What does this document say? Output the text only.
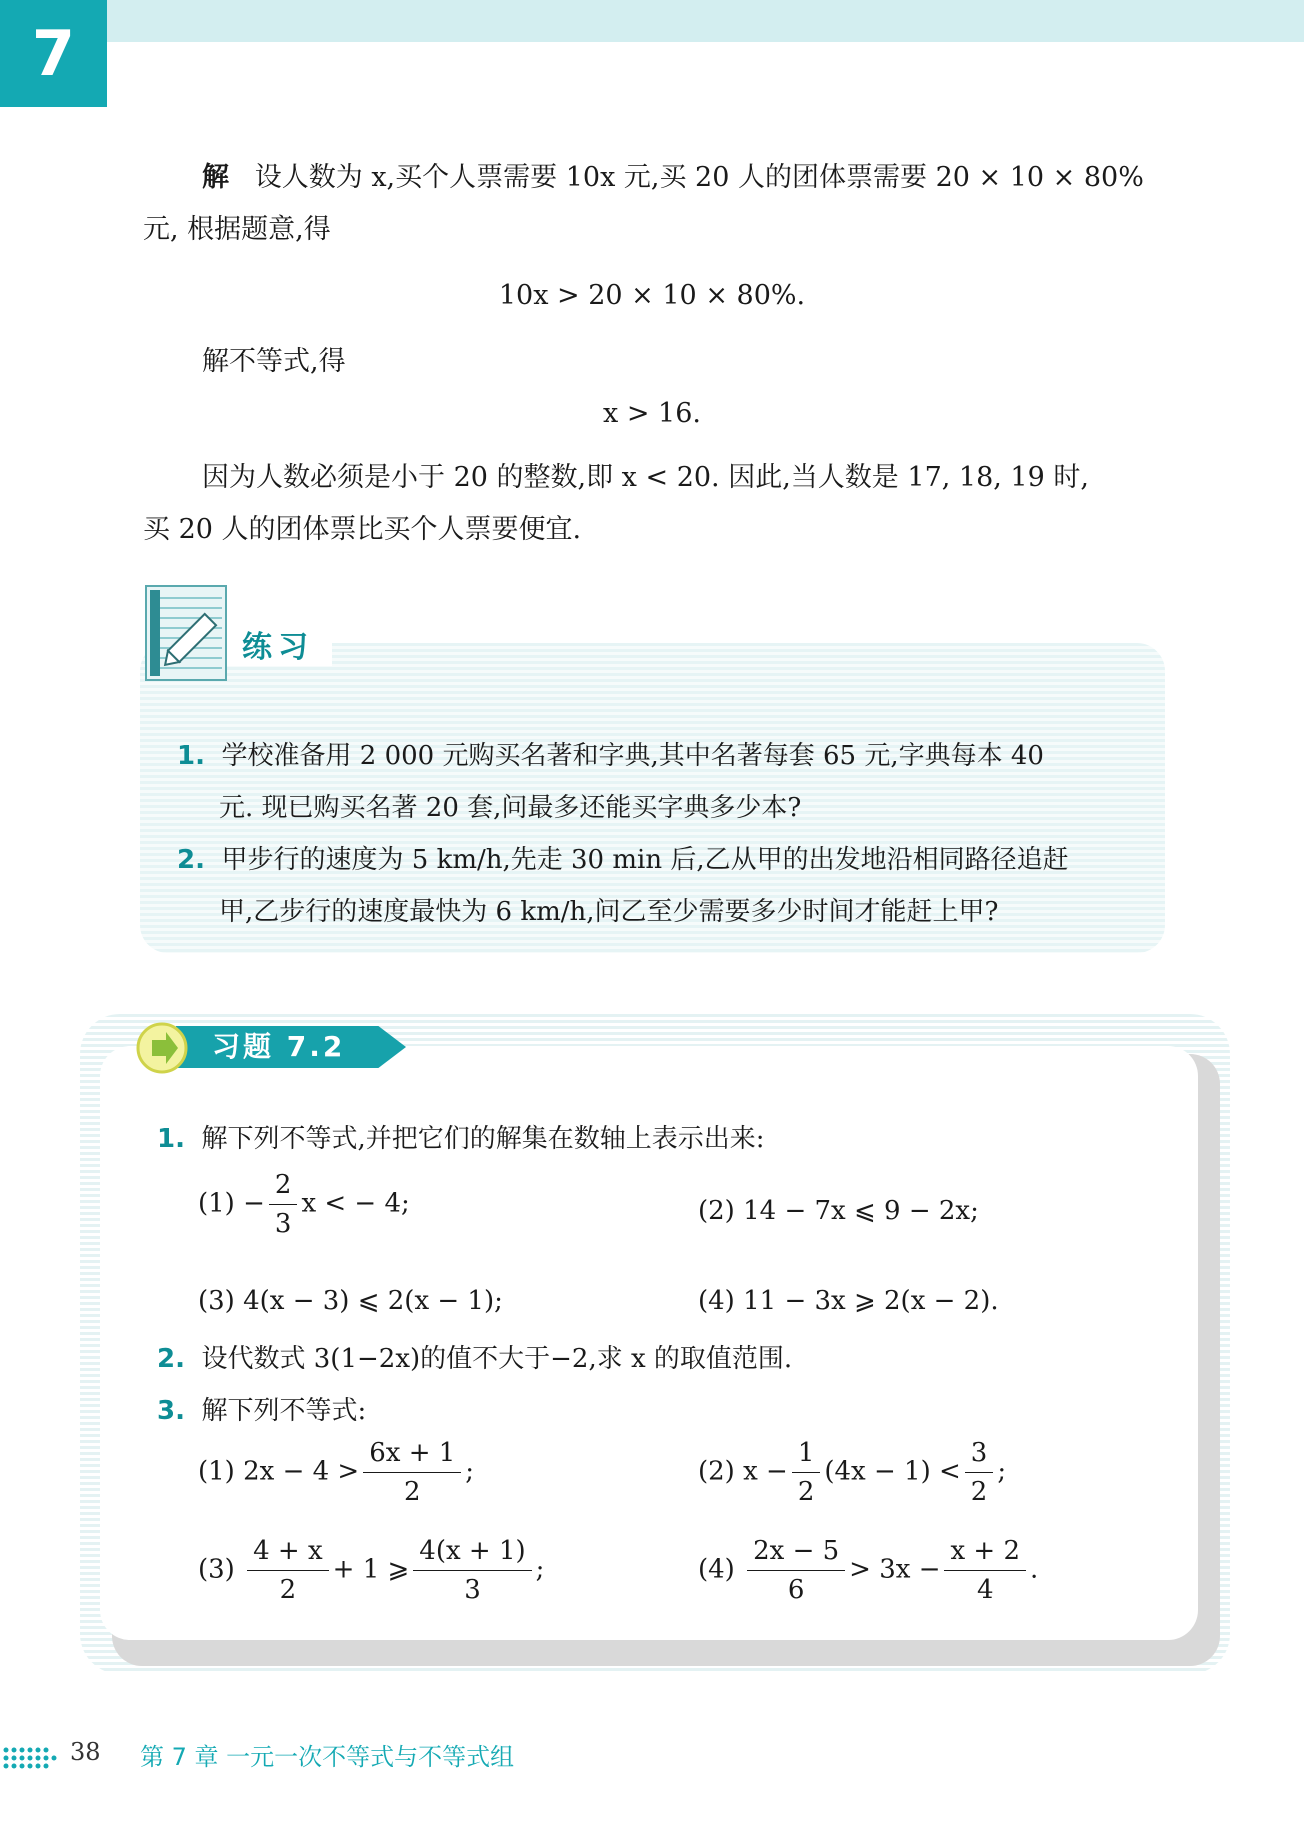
7
解 设人数为 x,买个人票需要 10x 元,买 20 人的团体票需要 20 × 10 × 80%
元, 根据题意,得
10x > 20 × 10 × 80%.
解不等式,得
x > 16.
因为人数必须是小于 20 的整数,即 x < 20. 因此,当人数是 17, 18, 19 时,
买 20 人的团体票比买个人票要便宜.
练习
1. 学校准备用 2 000 元购买名著和字典,其中名著每套 65 元,字典每本 40
元. 现已购买名著 20 套,问最多还能买字典多少本?
2. 甲步行的速度为 5 km/h,先走 30 min 后,乙从甲的出发地沿相同路径追赶
甲,乙步行的速度最快为 6 km/h,问乙至少需要多少时间才能赶上甲?
习题 7.2
1. 解下列不等式,并把它们的解集在数轴上表示出来:
$(1) - \frac{2}{3}$ x < − 4;	(2) 14 − 7x ⩽ 9 − 2x;
(3) 4(x − 3) ⩽ 2(x − 1);	(4) 11 − 3x ⩾ 2(x − 2).
2. 设代数式 3(1−2x)的值不大于−2,求 x 的取值范围.
3. 解下列不等式:
(1) $2x - 4 > \frac{6x + 1}{2}$ ;	(2) $x - \frac{1}{2} (4x - 1) < \frac{3}{2}$ ;
$(3) \frac{4 + x}{2} + 1$ ⩾ $\frac{4(x + 1)}{3}$ ;	$(4) \frac{2x - 5}{6} > 3x - \frac{x + 2}{4}$ .
38 第 7 章 一元一次不等式与不等式组
